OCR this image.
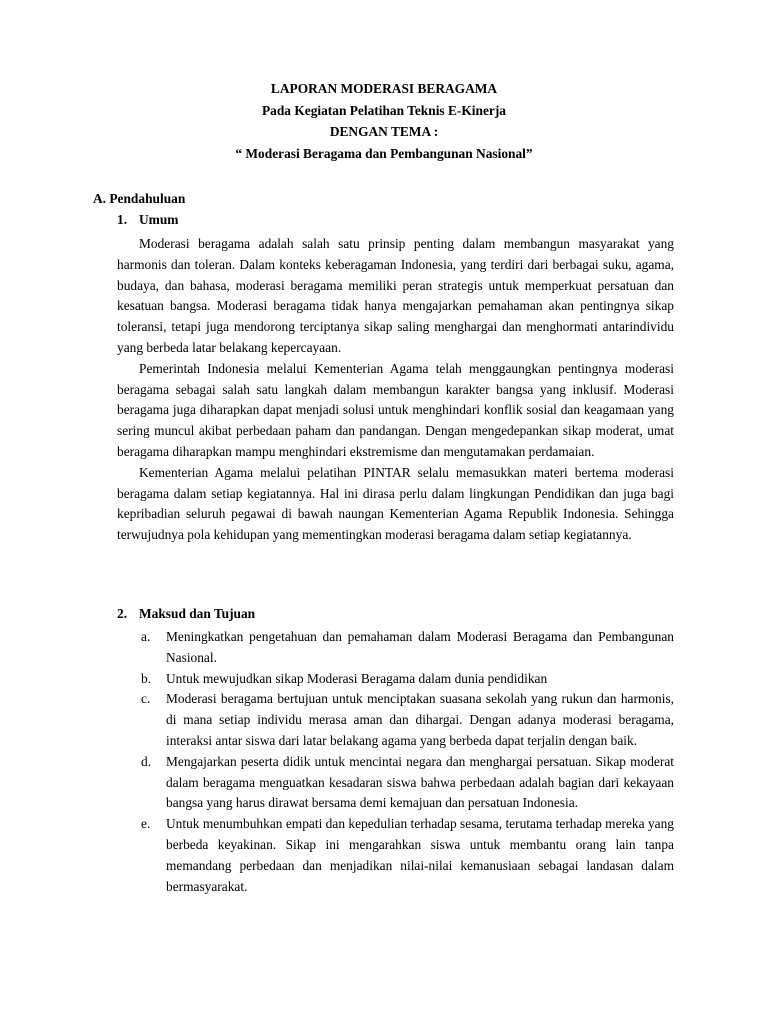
LAPORAN MODERASI BERAGAMA
Pada Kegiatan Pelatihan Teknis E-Kinerja
DENGAN TEMA :
“ Moderasi Beragama dan Pembangunan Nasional”
A. Pendahuluan
1. Umum

Moderasi beragama adalah salah satu prinsip penting dalam membangun masyarakat yang harmonis dan toleran. Dalam konteks keberagaman Indonesia, yang terdiri dari berbagai suku, agama, budaya, dan bahasa, moderasi beragama memiliki peran strategis untuk memperkuat persatuan dan kesatuan bangsa. Moderasi beragama tidak hanya mengajarkan pemahaman akan pentingnya sikap toleransi, tetapi juga mendorong terciptanya sikap saling menghargai dan menghormati antarindividu yang berbeda latar belakang kepercayaan.

Pemerintah Indonesia melalui Kementerian Agama telah menggaungkan pentingnya moderasi beragama sebagai salah satu langkah dalam membangun karakter bangsa yang inklusif. Moderasi beragama juga diharapkan dapat menjadi solusi untuk menghindari konflik sosial dan keagamaan yang sering muncul akibat perbedaan paham dan pandangan. Dengan mengedepankan sikap moderat, umat beragama diharapkan mampu menghindari ekstremisme dan mengutamakan perdamaian.

Kementerian Agama melalui pelatihan PINTAR selalu memasukkan materi bertema moderasi beragama dalam setiap kegiatannya. Hal ini dirasa perlu dalam lingkungan Pendidikan dan juga bagi kepribadian seluruh pegawai di bawah naungan Kementerian Agama Republik Indonesia. Sehingga terwujudnya pola kehidupan yang mementingkan moderasi beragama dalam setiap kegiatannya.

2. Maksud dan Tujuan
a.	Meningkatkan pengetahuan dan pemahaman dalam Moderasi Beragama dan Pembangunan Nasional.
b.	Untuk mewujudkan sikap Moderasi Beragama dalam dunia pendidikan
c.	Moderasi beragama bertujuan untuk menciptakan suasana sekolah yang rukun dan harmonis, di mana setiap individu merasa aman dan dihargai. Dengan adanya moderasi beragama, interaksi antar siswa dari latar belakang agama yang berbeda dapat terjalin dengan baik.
d.	Mengajarkan peserta didik untuk mencintai negara dan menghargai persatuan. Sikap moderat dalam beragama menguatkan kesadaran siswa bahwa perbedaan adalah bagian dari kekayaan bangsa yang harus dirawat bersama demi kemajuan dan persatuan Indonesia.
e.	Untuk menumbuhkan empati dan kepedulian terhadap sesama, terutama terhadap mereka yang berbeda keyakinan. Sikap ini mengarahkan siswa untuk membantu orang lain tanpa memandang perbedaan dan menjadikan nilai-nilai kemanusiaan sebagai landasan dalam bermasyarakat.
